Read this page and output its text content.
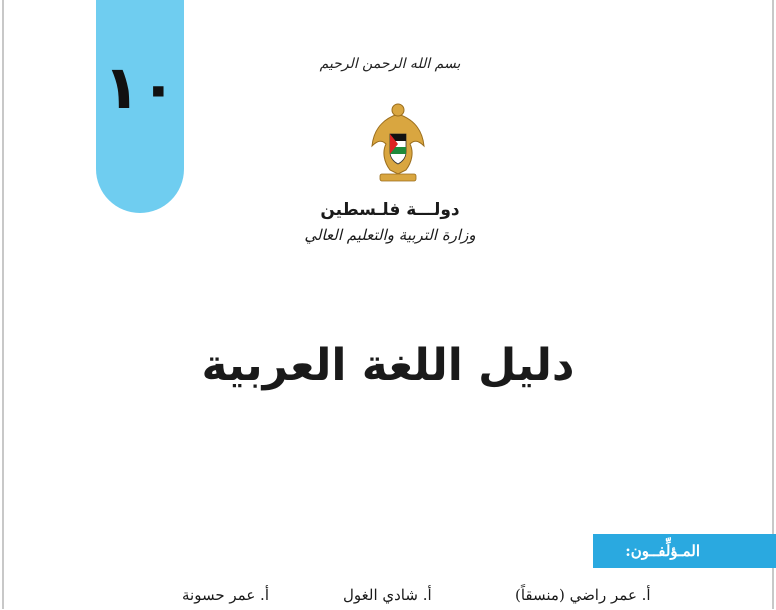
١٠	بسم الله الرحمن الرحيم
دولـــة فلـسطين
وزارة التربية والتعليم العالي
دليل اللغة العربية
المـؤلِّفــون:
أ. عمر راضي (منسقاً)
أ. شادي الغول
أ. عمر حسونة
